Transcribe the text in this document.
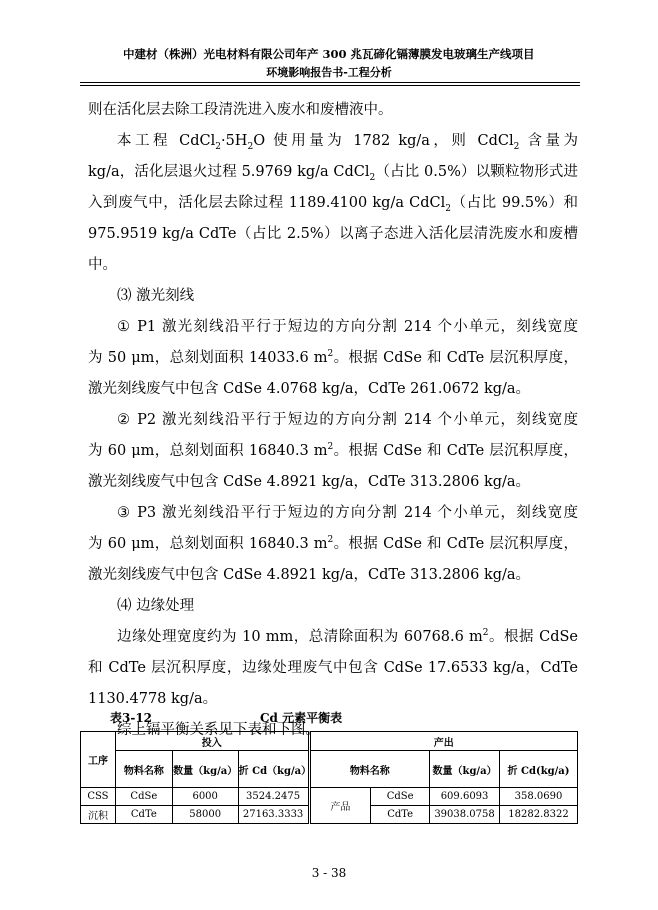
中建材（株洲）光电材料有限公司年产 300 兆瓦碲化镉薄膜发电玻璃生产线项目
环境影响报告书-工程分析
则在活化层去除工段清洗进入废水和废槽液中。
本工程 $CdCl_2\cdot 5H_2O$ 使用量为 1782 kg/a，则 CdCl$_2$ 含量为
kg/a，活化层退火过程 5.9769 kg/a CdCl$_2$（占比 0.5%）以颗粒物形式进
入到废气中，活化层去除过程 1189.4100 kg/a CdCl$_2$（占比 99.5%）和
975.9519 kg/a CdTe（占比 2.5%）以离子态进入活化层清洗废水和废槽
中。
⑶ 激光刻线
① P1 激光刻线沿平行于短边的方向分割 214 个小单元，刻线宽度
为 50 μm，总刻划面积 14033.6 $m^2$。根据 CdSe 和 CdTe 层沉积厚度，
激光刻线废气中包含 CdSe 4.0768 kg/a，CdTe 261.0672 kg/a。
② P2 激光刻线沿平行于短边的方向分割 214 个小单元，刻线宽度
为 60 μm，总刻划面积 16840.3 $m^2$。根据 CdSe 和 CdTe 层沉积厚度，
激光刻线废气中包含 CdSe 4.8921 kg/a，CdTe 313.2806 kg/a。
③ P3 激光刻线沿平行于短边的方向分割 214 个小单元，刻线宽度
为 60 μm，总刻划面积 16840.3 $m^2$。根据 CdSe 和 CdTe 层沉积厚度，
激光刻线废气中包含 CdSe 4.8921 kg/a，CdTe 313.2806 kg/a。
⑷ 边缘处理
边缘处理宽度约为 10 mm，总清除面积为 60768.6 $m^2$。根据 CdSe
和 CdTe 层沉积厚度，边缘处理废气中包含 CdSe 17.6533 kg/a，CdTe
1130.4778 kg/a。
综上镉平衡关系见下表和下图。
表3-12	Cd 元素平衡表
工序	投入			产出			
	物料名称	数量（kg/a）	折 Cd（kg/a）	物料名称		数量（kg/a）	折 Cd(kg/a)
CSS	CdSe	6000	3524.2475	产品	CdSe	609.6093	358.0690
沉积	CdTe	58000	27163.3333		CdTe	39038.0758	18282.8322
3 - 38
